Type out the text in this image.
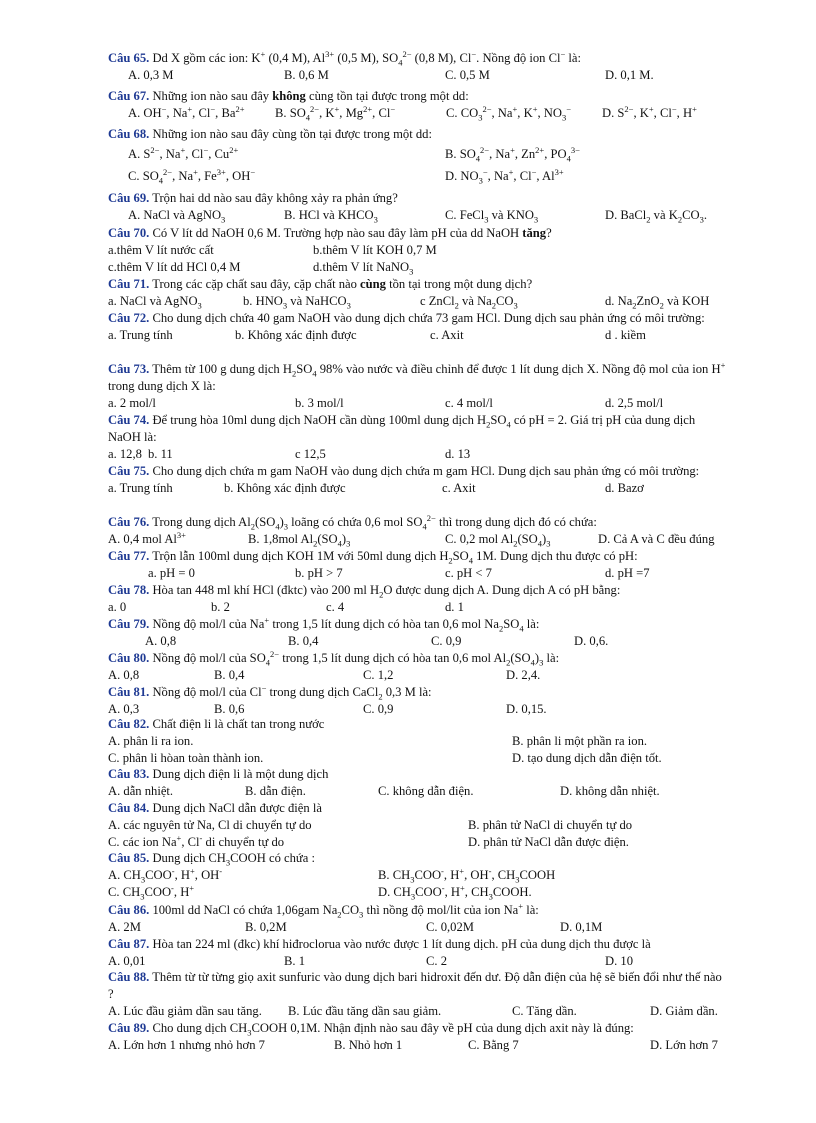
Câu 65. Dd X gồm các ion: K+ (0,4 M), $Al^{3+}$ (0,5 M), $SO_4^{2-}$ (0,8 M), Cl−. Nồng độ ion Cl− là:
A. 0,3 M	B. 0,6 M	C. 0,5 M	D. 0,1 M.
Câu 67. Những ion nào sau đây không cùng tồn tại được trong một dd:
A. OH−, Na+, Cl−, $Ba^{2+}$ B. $SO_4^{2-}$, K+, $Mg^{2+}$, Cl−	C. $CO_3^{2-}$, Na+, K+, $NO_3^-$ D. $S^{2-}$, K+, Cl−, H+
Câu 68. Những ion nào sau đây cùng tồn tại được trong một dd:
A. $S^{2-}$, Na+, Cl−, $Cu^{2+}$	B. $SO_4^{2-}$, Na+, $Zn^{2+}$, $PO_4^{3-}$
C. $SO_4^{2-}$, Na+, $Fe^{3+}$, OH−	D. $NO_3^-$, Na+, Cl−, $Al^{3+}$
Câu 69. Trộn hai dd nào sau đây không xảy ra phản ứng?
A. NaCl và AgNO$_3$	B. HCl và $KHCO_3$	C. FeCl$_3$ và $KNO_3$	D. BaCl$_2$ và $K_2CO_3$.
Câu 70. Có V lít dd NaOH 0,6 M. Trường hợp nào sau đây làm pH của dd NaOH tăng?
a.thêm V lít nước cất	b.thêm V lít KOH 0,7 M
c.thêm V lít dd HCl 0,4 M	d.thêm V lít NaNO$_3$
Câu 71. Trong các cặp chất sau đây, cặp chất nào cùng tồn tại trong một dung dịch?
a. NaCl và AgNO$_3$	b. $HNO_3$ và NaHCO$_3$	c ZnCl$_2$ và $Na_2CO_3$	d. $Na_2ZnO_2$ và KOH
Câu 72. Cho dung dịch chứa 40 gam NaOH vào dung dịch chứa 73 gam HCl. Dung dịch sau phản ứng có môi trường:
a. Trung tính	b. Không xác định được	c. Axit	d . kiềm
Câu 73. Thêm từ 100 g dung dịch $H_2SO_4$ 98% vào nước và điều chỉnh để được 1 lít dung dịch X. Nồng độ mol của ion H+ trong dung dịch X là:
a. 2 mol/l	b. 3 mol/l	c. 4 mol/l	d. 2,5 mol/l
Câu 74. Để trung hòa 10ml dung dịch NaOH cần dùng 100ml dung dịch $H_2SO_4$ có pH = 2. Giá trị pH của dung dịch NaOH là:
a. 12,8 b. 11	c 12,5	d. 13
Câu 75. Cho dung dịch chứa m gam NaOH vào dung dịch chứa m gam HCl. Dung dịch sau phản ứng có môi trường:
a. Trung tính	b. Không xác định được	c. Axit	d. Bazơ
Câu 76. Trong dung dịch $Al_2(SO_4)_3$ loãng có chứa 0,6 mol $SO_4^{2-}$ thì trong dung dịch đó có chứa:
A. 0,4 mol $Al^{3+}$	B. 1,8mol $Al_2(SO_4)_3$	C. 0,2 mol $Al_2(SO_4)_3$	D. Cả A và C đều đúng
Câu 77. Trộn lẫn 100ml dung dịch KOH 1M với 50ml dung dịch $H_2SO_4$ 1M. Dung dịch thu được có pH:
a. pH = 0	b. pH > 7	c. pH < 7	d. pH =7
Câu 78. Hòa tan 448 ml khí HCl (đktc) vào 200 ml $H_2O$ được dung dịch A. Dung dịch A có pH bằng:
a. 0	b. 2	c. 4	d. 1
Câu 79. Nồng độ mol/l của Na+ trong 1,5 lít dung dịch có hòa tan 0,6 mol $Na_2SO_4$ là:
A. 0,8	B. 0,4	C. 0,9	D. 0,6.
Câu 80. Nồng độ mol/l của $SO_4^{2-}$ trong 1,5 lít dung dịch có hòa tan 0,6 mol $Al_2(SO_4)_3$ là:
A. 0,8	B. 0,4	C. 1,2	D. 2,4.
Câu 81. Nồng độ mol/l của Cl− trong dung dịch CaCl$_2$ 0,3 M là:
A. 0,3	B. 0,6	C. 0,9	D. 0,15.
Câu 82. Chất điện li là chất tan trong nước
A. phân li ra ion.	B. phân li một phần ra ion.
C. phân li hòan toàn thành ion.	D. tạo dung dịch dẫn điện tốt.
Câu 83. Dung dịch điện li là một dung dịch
A. dẫn nhiệt.	B. dẫn điện.	C. không dẫn điện.	D. không dẫn nhiệt.
Câu 84. Dung dịch NaCl dẫn được điện là
A. các nguyên tử Na, Cl di chuyển tự do	B. phân tử NaCl di chuyển tự do
C. các ion Na+, Cl- di chuyển tự do	D. phân tử NaCl dẫn được điện.
Câu 85. Dung dịch $CH_3COOH$ có chứa :
A. $CH_3COO^-$, H+, OH-	B. $CH_3COO^-$, H+, OH-, $CH_3COOH$
C. $CH_3COO^-$, H+	D. $CH_3COO^-$, H+, $CH_3COOH$.
Câu 86. 100ml dd NaCl có chứa 1,06gam $Na_2CO_3$ thì nồng độ mol/lit của ion Na+ là:
A. 2M	B. 0,2M	C. 0,02M	D. 0,1M
Câu 87. Hòa tan 224 ml (đkc) khí hiđroclorua vào nước được 1 lít dung dịch. pH của dung dịch thu được là
A. 0,01	B. 1	C. 2	D. 10
Câu 88. Thêm từ từ từng giọ axit sunfuric vào dung dịch bari hidroxit đến dư. Độ dẫn điện của hệ sẽ biến đổi như thế nào ?
A. Lúc đầu giảm dần sau tăng. B. Lúc đầu tăng dần sau giảm.	C. Tăng dần.	D. Giảm dần.
Câu 89. Cho dung dịch $CH_3COOH$ 0,1M. Nhận định nào sau đây về pH của dung dịch axit này là đúng:
A. Lớn hơn 1 nhưng nhỏ hơn 7	B. Nhỏ hơn 1	C. Bằng 7	D. Lớn hơn 7
